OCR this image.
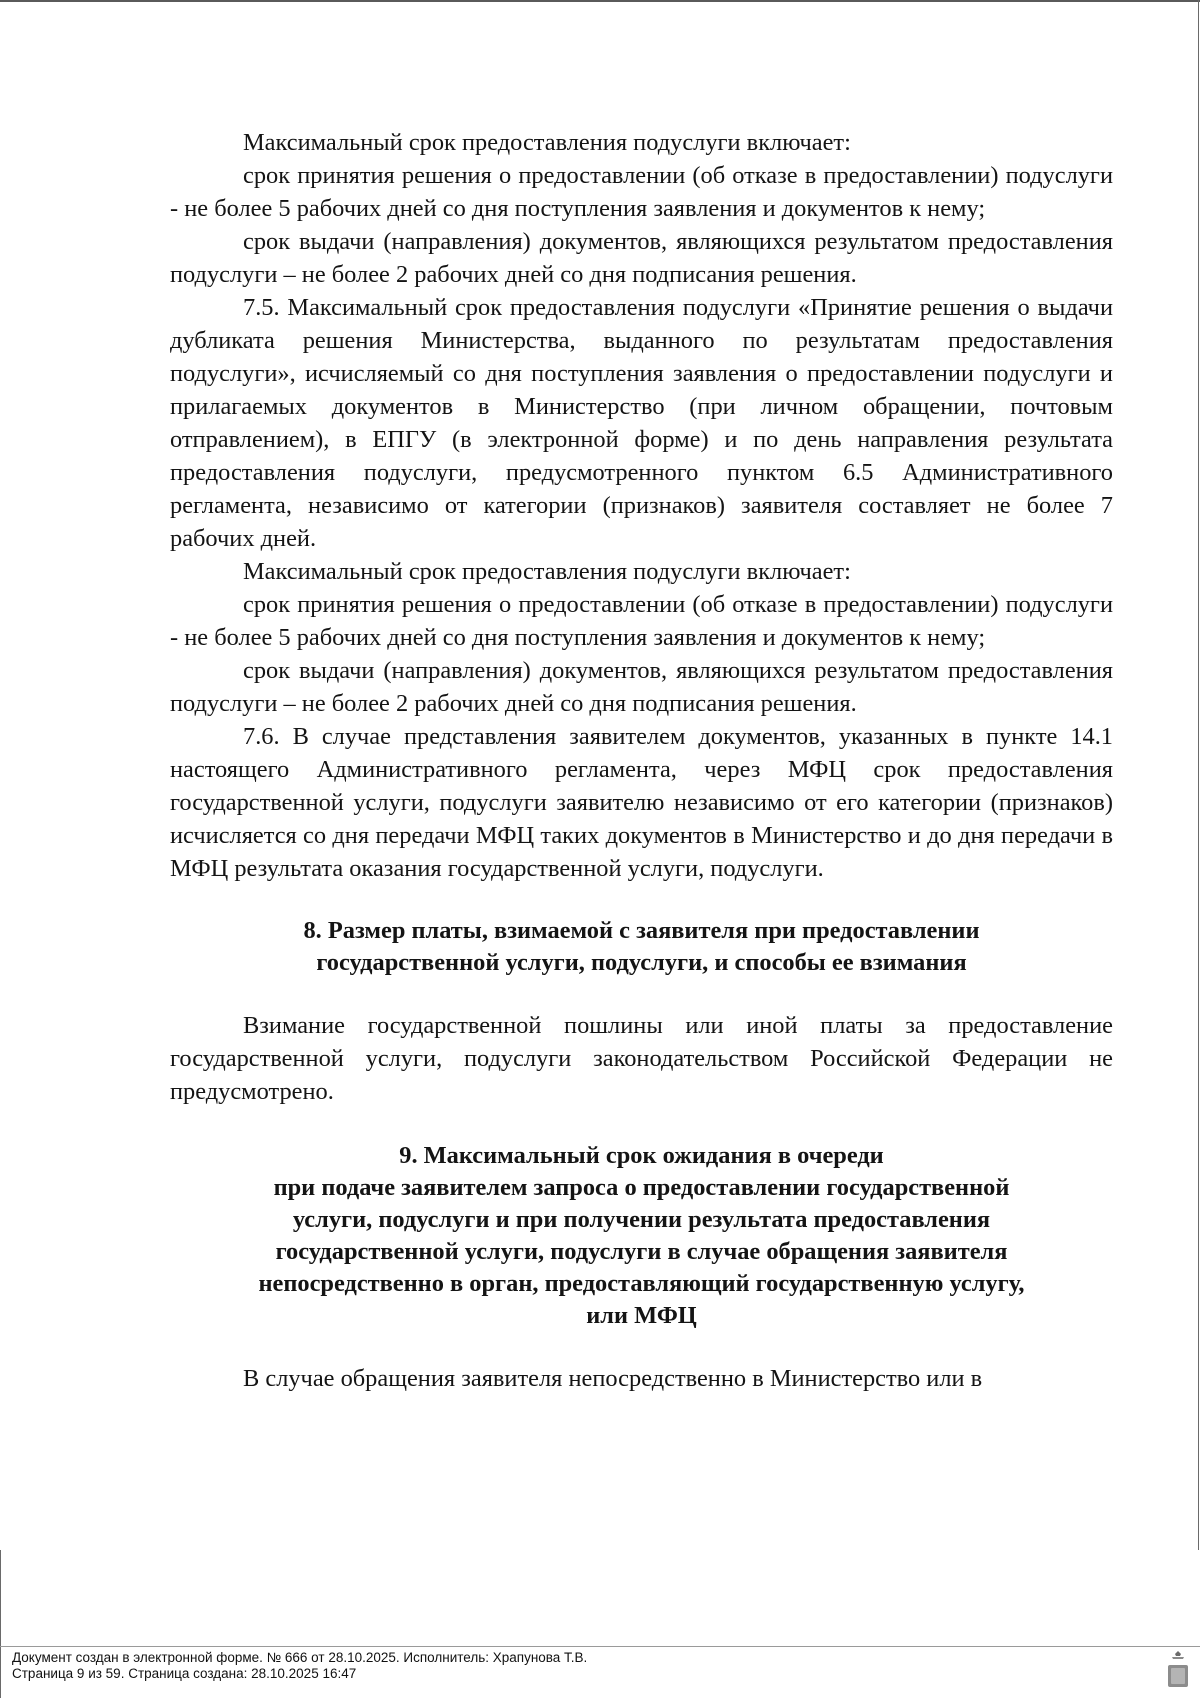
Максимальный срок предоставления подуслуги включает:

срок принятия решения о предоставлении (об отказе в предоставлении) подуслуги - не более 5 рабочих дней со дня поступления заявления и документов к нему;

срок выдачи (направления) документов, являющихся результатом предоставления подуслуги – не более 2 рабочих дней со дня подписания решения.

7.5. Максимальный срок предоставления подуслуги «Принятие решения о выдачи дубликата решения Министерства, выданного по результатам предоставления подуслуги», исчисляемый со дня поступления заявления о предоставлении подуслуги и прилагаемых документов в Министерство (при личном обращении, почтовым отправлением), в ЕПГУ (в электронной форме) и по день направления результата предоставления подуслуги, предусмотренного пунктом 6.5 Административного регламента, независимо от категории (признаков) заявителя составляет не более 7 рабочих дней.

Максимальный срок предоставления подуслуги включает:

срок принятия решения о предоставлении (об отказе в предоставлении) подуслуги - не более 5 рабочих дней со дня поступления заявления и документов к нему;

срок выдачи (направления) документов, являющихся результатом предоставления подуслуги – не более 2 рабочих дней со дня подписания решения.

7.6. В случае представления заявителем документов, указанных в пункте 14.1 настоящего Административного регламента, через МФЦ срок предоставления государственной услуги, подуслуги заявителю независимо от его категории (признаков) исчисляется со дня передачи МФЦ таких документов в Министерство и до дня передачи в МФЦ результата оказания государственной услуги, подуслуги.

8. Размер платы, взимаемой с заявителя при предоставлении
государственной услуги, подуслуги, и способы ее взимания

Взимание государственной пошлины или иной платы за предоставление государственной услуги, подуслуги законодательством Российской Федерации не предусмотрено.

9. Максимальный срок ожидания в очереди
при подаче заявителем запроса о предоставлении государственной
услуги, подуслуги и при получении результата предоставления
государственной услуги, подуслуги в случае обращения заявителя
непосредственно в орган, предоставляющий государственную услугу,
или МФЦ

В случае обращения заявителя непосредственно в Министерство или в

Документ создан в электронной форме. № 666 от 28.10.2025. Исполнитель: Храпунова Т.В.
Страница 9 из 59. Страница создана: 28.10.2025 16:47
